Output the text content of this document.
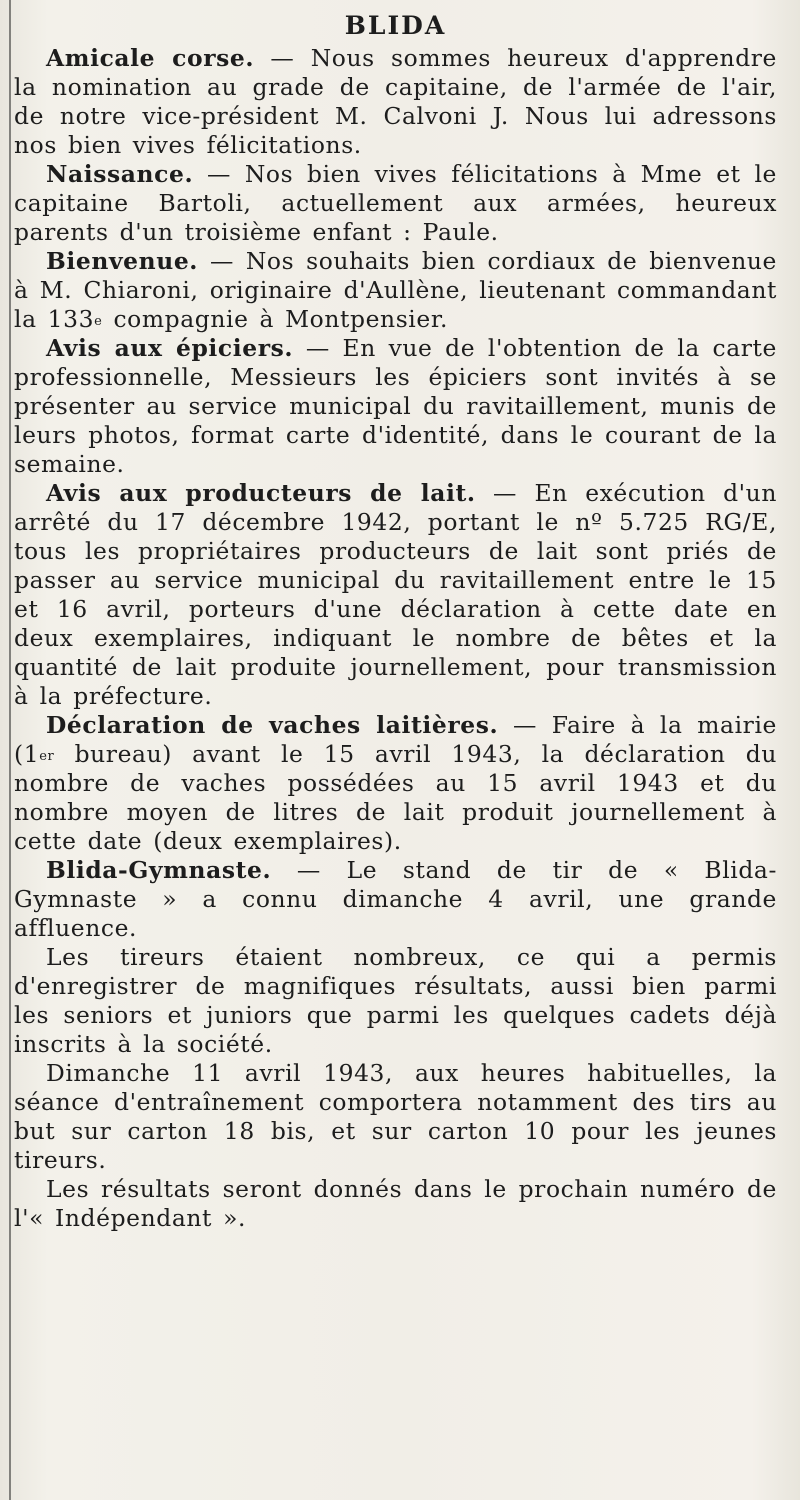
BLIDA

Amicale corse. — Nous sommes heureux d'apprendre la nomination au grade de capitaine, de l'armée de l'air, de notre vice-président M. Calvoni J. Nous lui adressons nos bien vives félicitations.

Naissance. — Nos bien vives félicitations à Mme et le capitaine Bartoli, actuellement aux armées, heureux parents d'un troisième enfant : Paule.

Bienvenue. — Nos souhaits bien cordiaux de bienvenue à M. Chiaroni, originaire d'Aullène, lieutenant commandant la 133e compagnie à Montpensier.

Avis aux épiciers. — En vue de l'obtention de la carte professionnelle, Messieurs les épiciers sont invités à se présenter au service municipal du ravitaillement, munis de leurs photos, format carte d'identité, dans le courant de la semaine.

Avis aux producteurs de lait. — En exécution d'un arrêté du 17 décembre 1942, portant le nº 5.725 RG/E, tous les propriétaires producteurs de lait sont priés de passer au service municipal du ravitaillement entre le 15 et 16 avril, porteurs d'une déclaration à cette date en deux exemplaires, indiquant le nombre de bêtes et la quantité de lait produite journellement, pour transmission à la préfecture.

Déclaration de vaches laitières. — Faire à la mairie (1er bureau) avant le 15 avril 1943, la déclaration du nombre de vaches possédées au 15 avril 1943 et du nombre moyen de litres de lait produit journellement à cette date (deux exemplaires).

Blida-Gymnaste. — Le stand de tir de « Blida-Gymnaste » a connu dimanche 4 avril, une grande affluence.

Les tireurs étaient nombreux, ce qui a permis d'enregistrer de magnifiques résultats, aussi bien parmi les seniors et juniors que parmi les quelques cadets déjà inscrits à la société.

Dimanche 11 avril 1943, aux heures habituelles, la séance d'entraînement comportera notamment des tirs au but sur carton 18 bis, et sur carton 10 pour les jeunes tireurs.

Les résultats seront donnés dans le prochain numéro de l'« Indépendant ».
